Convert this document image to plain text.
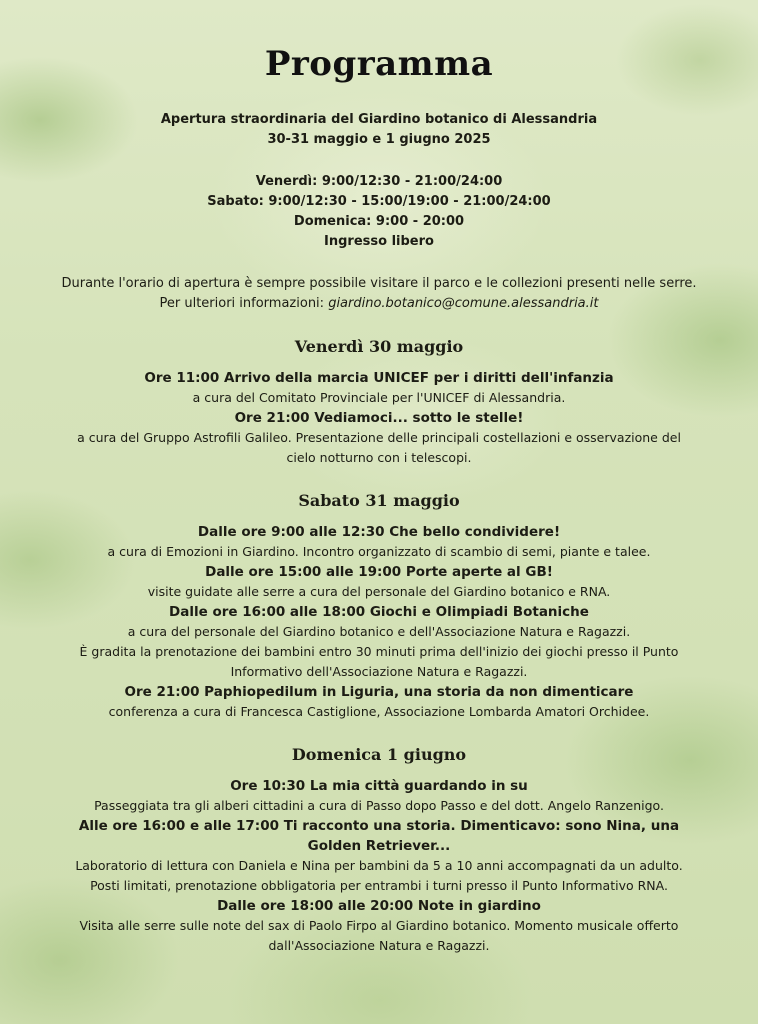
Programma

Apertura straordinaria del Giardino botanico di Alessandria

30-31 maggio e 1 giugno 2025

Venerdì: 9:00/12:30 - 21:00/24:00

Sabato: 9:00/12:30 - 15:00/19:00 - 21:00/24:00

Domenica: 9:00 - 20:00

Ingresso libero

Durante l'orario di apertura è sempre possibile visitare il parco e le collezioni presenti nelle serre.

Per ulteriori informazioni: giardino.botanico@comune.alessandria.it

Venerdì 30 maggio

Ore 11:00 Arrivo della marcia UNICEF per i diritti dell'infanzia

a cura del Comitato Provinciale per l'UNICEF di Alessandria.

Ore 21:00 Vediamoci... sotto le stelle!

a cura del Gruppo Astrofili Galileo. Presentazione delle principali costellazioni e osservazione del

cielo notturno con i telescopi.

Sabato 31 maggio

Dalle ore 9:00 alle 12:30 Che bello condividere!

a cura di Emozioni in Giardino. Incontro organizzato di scambio di semi, piante e talee.

Dalle ore 15:00 alle 19:00 Porte aperte al GB!

visite guidate alle serre a cura del personale del Giardino botanico e RNA.

Dalle ore 16:00 alle 18:00 Giochi e Olimpiadi Botaniche

a cura del personale del Giardino botanico e dell'Associazione Natura e Ragazzi.

È gradita la prenotazione dei bambini entro 30 minuti prima dell'inizio dei giochi presso il Punto

Informativo dell'Associazione Natura e Ragazzi.

Ore 21:00 Paphiopedilum in Liguria, una storia da non dimenticare

conferenza a cura di Francesca Castiglione, Associazione Lombarda Amatori Orchidee.

Domenica 1 giugno

Ore 10:30 La mia città guardando in su

Passeggiata tra gli alberi cittadini a cura di Passo dopo Passo e del dott. Angelo Ranzenigo.

Alle ore 16:00 e alle 17:00 Ti racconto una storia. Dimenticavo: sono Nina, una

Golden Retriever...

Laboratorio di lettura con Daniela e Nina per bambini da 5 a 10 anni accompagnati da un adulto.

Posti limitati, prenotazione obbligatoria per entrambi i turni presso il Punto Informativo RNA.

Dalle ore 18:00 alle 20:00 Note in giardino

Visita alle serre sulle note del sax di Paolo Firpo al Giardino botanico. Momento musicale offerto

dall'Associazione Natura e Ragazzi.
